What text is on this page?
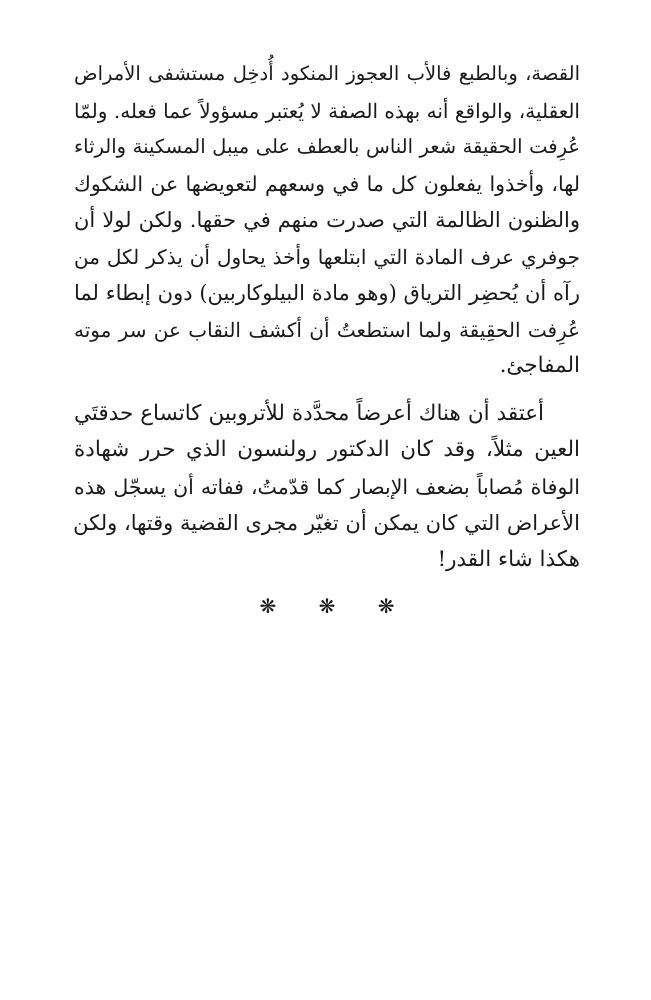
القصة، وبالطبع فالأب العجوز المنكود أُدخِل مستشفى الأمراض
العقلية، والواقع أنه بهذه الصفة لا يُعتبر مسؤولاً عما فعله. ولمّا
عُرِفت الحقيقة شعر الناس بالعطف على ميبل المسكينة والرثاء
لها، وأخذوا يفعلون كل ما في وسعهم لتعويضها عن الشكوك
والظنون الظالمة التي صدرت منهم في حقها. ولكن لولا أن
جوفري عرف المادة التي ابتلعها وأخذ يحاول أن يذكر لكل من
رآه أن يُحضِر الترياق (وهو مادة البيلوكاربين) دون إبطاء لما
عُرِفت الحقِيقة ولما استطعتُ أن أكشف النقاب عن سر موته
المفاجئ.
أعتقد أن هناك أعرضاً محدَّدة للأتروبين كاتساع حدقتَي
العين مثلاً، وقد كان الدكتور رولنسون الذي حرر شهادة
الوفاة مُصاباً بضعف الإبصار كما قدّمتُ، ففاته أن يسجّل هذه
الأعراض التي كان يمكن أن تغيّر مجرى القضية وقتها، ولكن
هكذا شاء القدر!
❋ ❋ ❋
